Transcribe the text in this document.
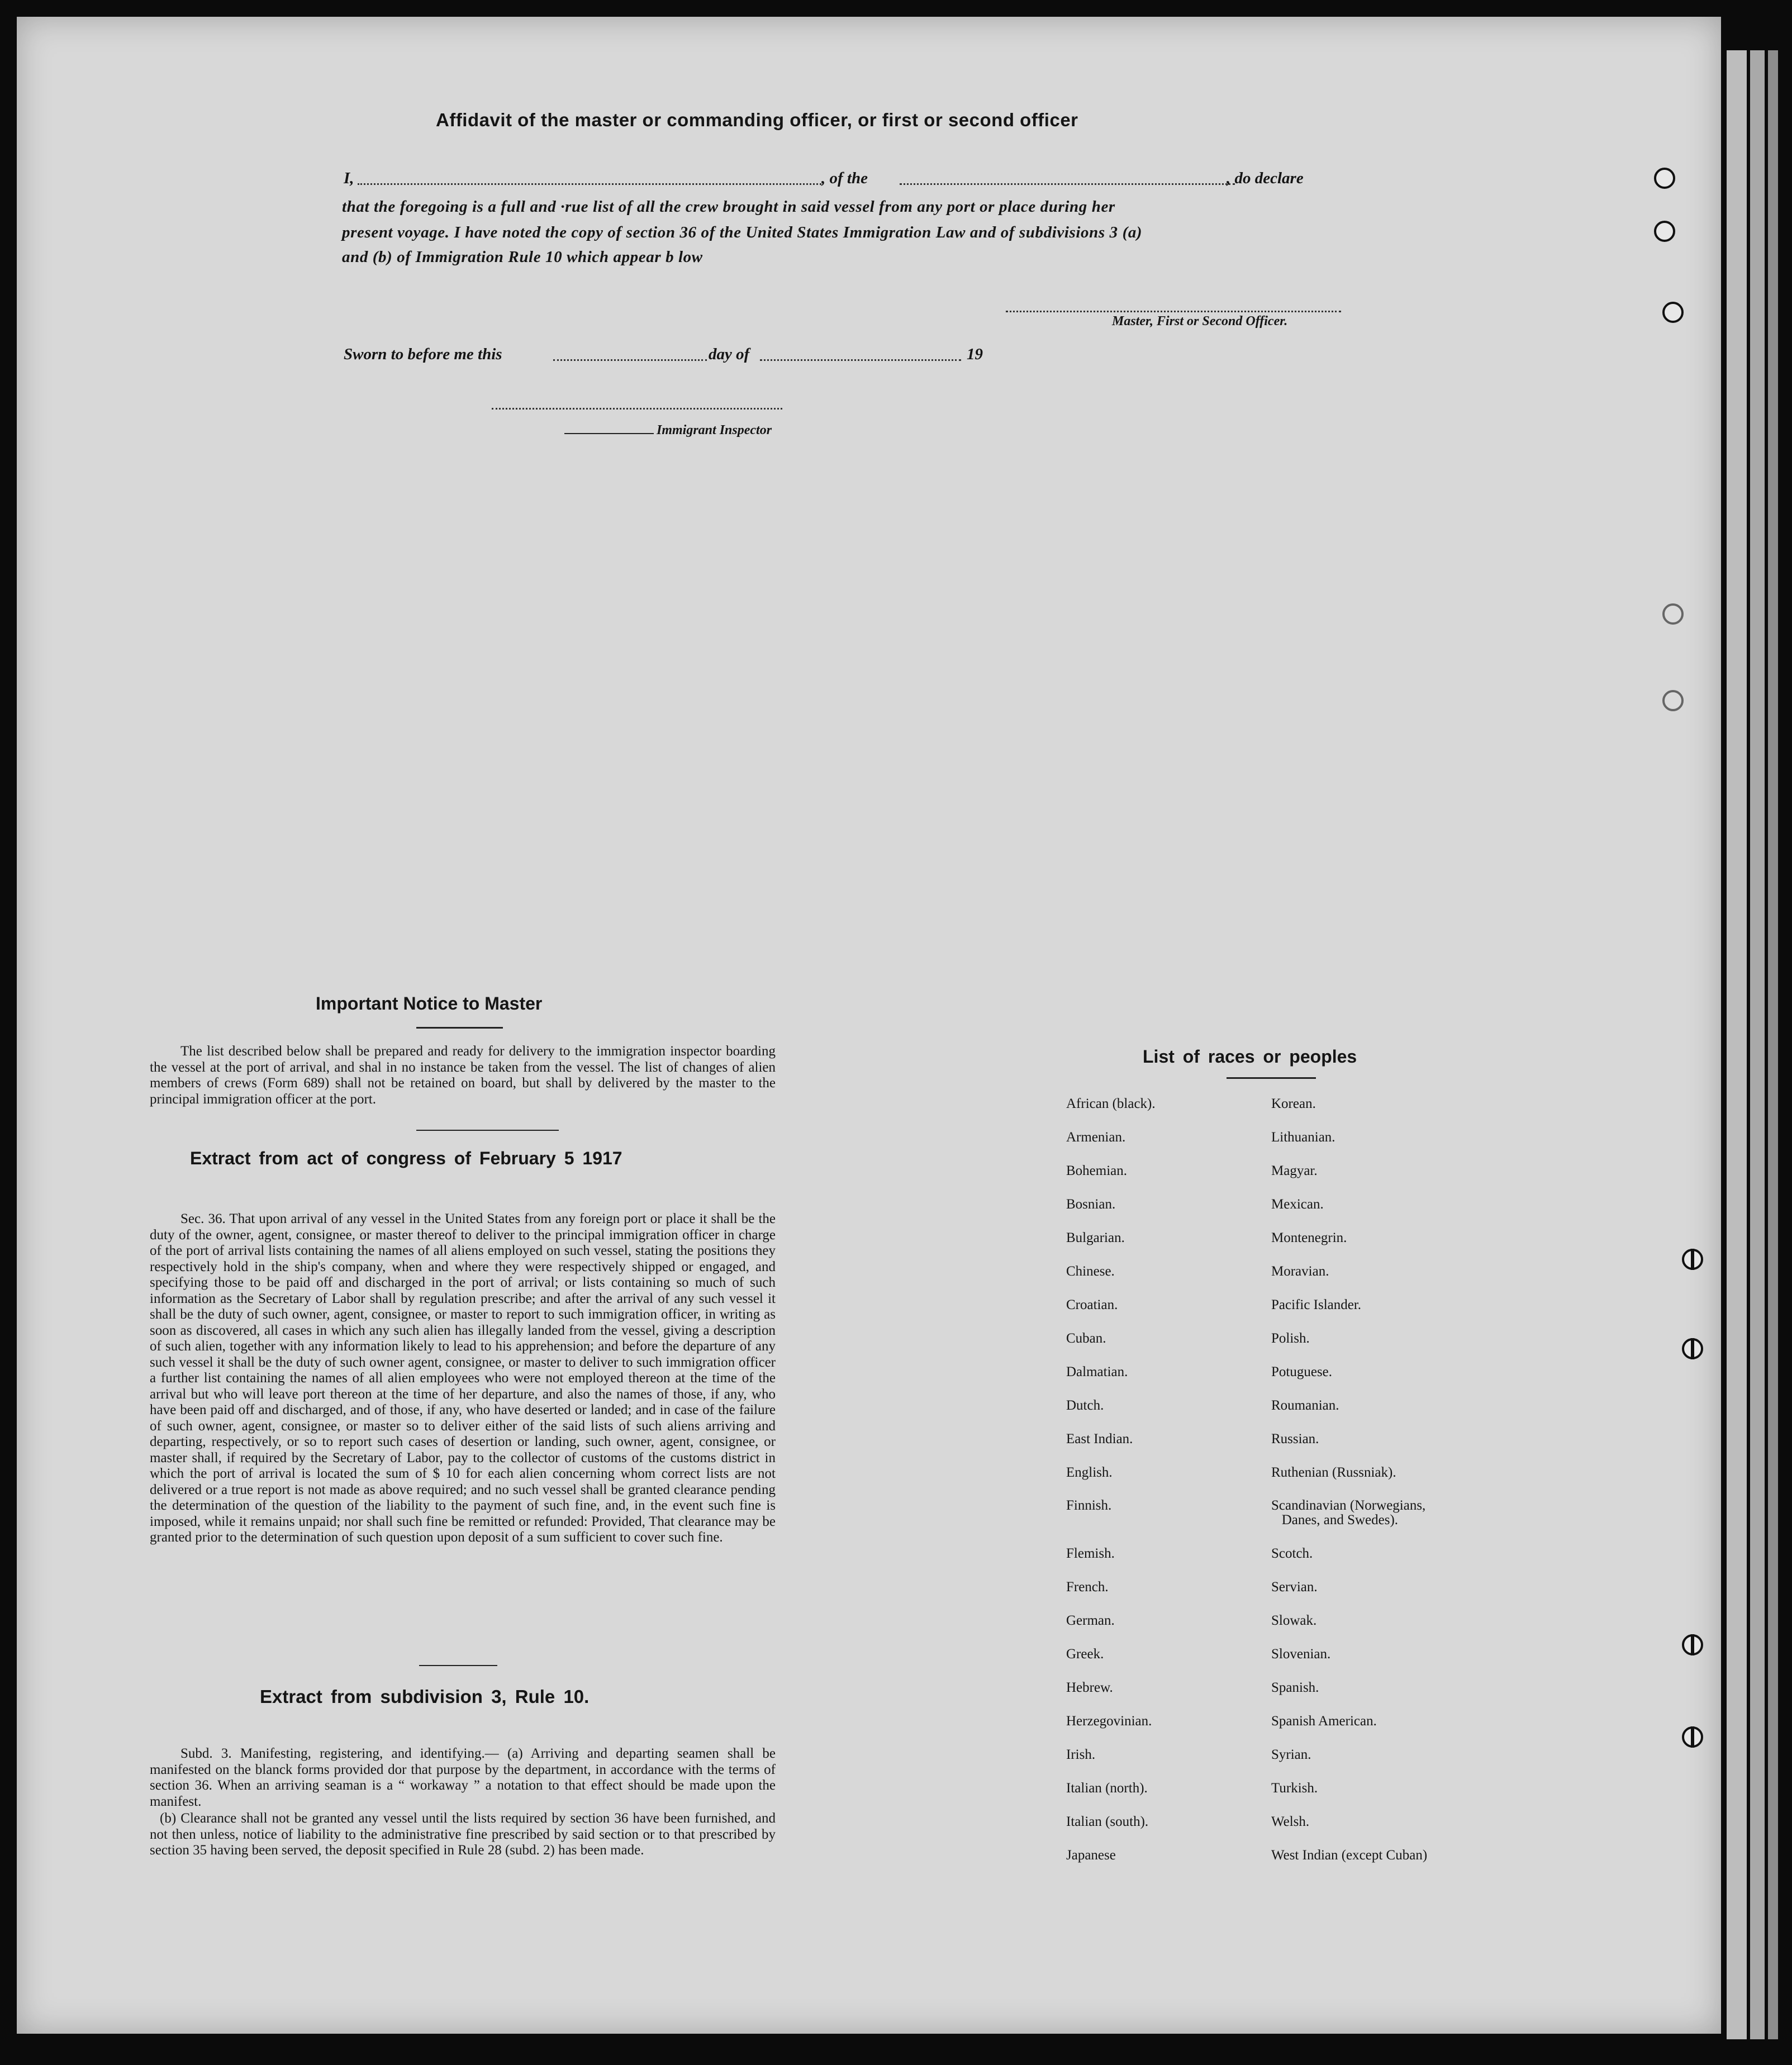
Affidavit of the master or commanding officer, or first or second officer
I,	, of the	, do declare
that the foregoing is a full and ·rue list of all the crew brought in said vessel from any port or place during her
present voyage. I have noted the copy of section 36 of the United States Immigration Law and of subdivisions 3 (a)
and (b) of Immigration Rule 10 which appear b low
Master, First or Second Officer.
Sworn to before me this	day of	19
Immigrant Inspector
Important Notice to Master
The list described below shall be prepared and ready for delivery to the immigration inspector boarding the vessel at the port of arrival, and shal in no instance be taken from the vessel. The list of changes of alien members of crews (Form 689) shall not be retained on board, but shall by delivered by the master to the principal immigration officer at the port.
Extract from act of congress of February 5 1917
Sec. 36. That upon arrival of any vessel in the United States from any foreign port or place it shall be the duty of the owner, agent, consignee, or master thereof to deliver to the principal immigration officer in charge of the port of arrival lists containing the names of all aliens employed on such vessel, stating the positions they respectively hold in the ship's company, when and where they were respectively shipped or engaged, and specifying those to be paid off and discharged in the port of arrival; or lists containing so much of such information as the Secretary of Labor shall by regulation prescribe; and after the arrival of any such vessel it shall be the duty of such owner, agent, consignee, or master to report to such immigration officer, in writing as soon as discovered, all cases in which any such alien has illegally landed from the vessel, giving a description of such alien, together with any information likely to lead to his apprehension; and before the departure of any such vessel it shall be the duty of such owner agent, consignee, or master to deliver to such immigration officer a further list containing the names of all alien employees who were not employed thereon at the time of the arrival but who will leave port thereon at the time of her departure, and also the names of those, if any, who have been paid off and discharged, and of those, if any, who have deserted or landed; and in case of the failure of such owner, agent, consignee, or master so to deliver either of the said lists of such aliens arriving and departing, respectively, or so to report such cases of desertion or landing, such owner, agent, consignee, or master shall, if required by the Secretary of Labor, pay to the collector of customs of the customs district in which the port of arrival is located the sum of $ 10 for each alien concerning whom correct lists are not delivered or a true report is not made as above required; and no such vessel shall be granted clearance pending the determination of the question of the liability to the payment of such fine, and, in the event such fine is imposed, while it remains unpaid; nor shall such fine be remitted or refunded: Provided, That clearance may be granted prior to the determination of such question upon deposit of a sum sufficient to cover such fine.
Extract from subdivision 3, Rule 10.
Subd. 3. Manifesting, registering, and identifying.— (a) Arriving and departing seamen shall be manifested on the blanck forms provided dor that purpose by the department, in accordance with the terms of section 36. When an arriving seaman is a “ workaway ” a notation to that effect should be made upon the manifest.
(b) Clearance shall not be granted any vessel until the lists required by section 36 have been furnished, and not then unless, notice of liability to the administrative fine prescribed by said section or to that prescribed by section 35 having been served, the deposit specified in Rule 28 (subd. 2) has been made.
List of races or peoples
African (black).
Armenian.
Bohemian.
Bosnian.
Bulgarian.
Chinese.
Croatian.
Cuban.
Dalmatian.
Dutch.
East Indian.
English.
Finnish.
Flemish.
French.
German.
Greek.
Hebrew.
Herzegovinian.
Irish.
Italian (north).
Italian (south).
Japanese
Korean.
Lithuanian.
Magyar.
Mexican.
Montenegrin.
Moravian.
Pacific Islander.
Polish.
Potuguese.
Roumanian.
Russian.
Ruthenian (Russniak).
Scandinavian (Norwegians,
Danes, and Swedes).
Scotch.
Servian.
Slowak.
Slovenian.
Spanish.
Spanish American.
Syrian.
Turkish.
Welsh.
West Indian (except Cuban)
